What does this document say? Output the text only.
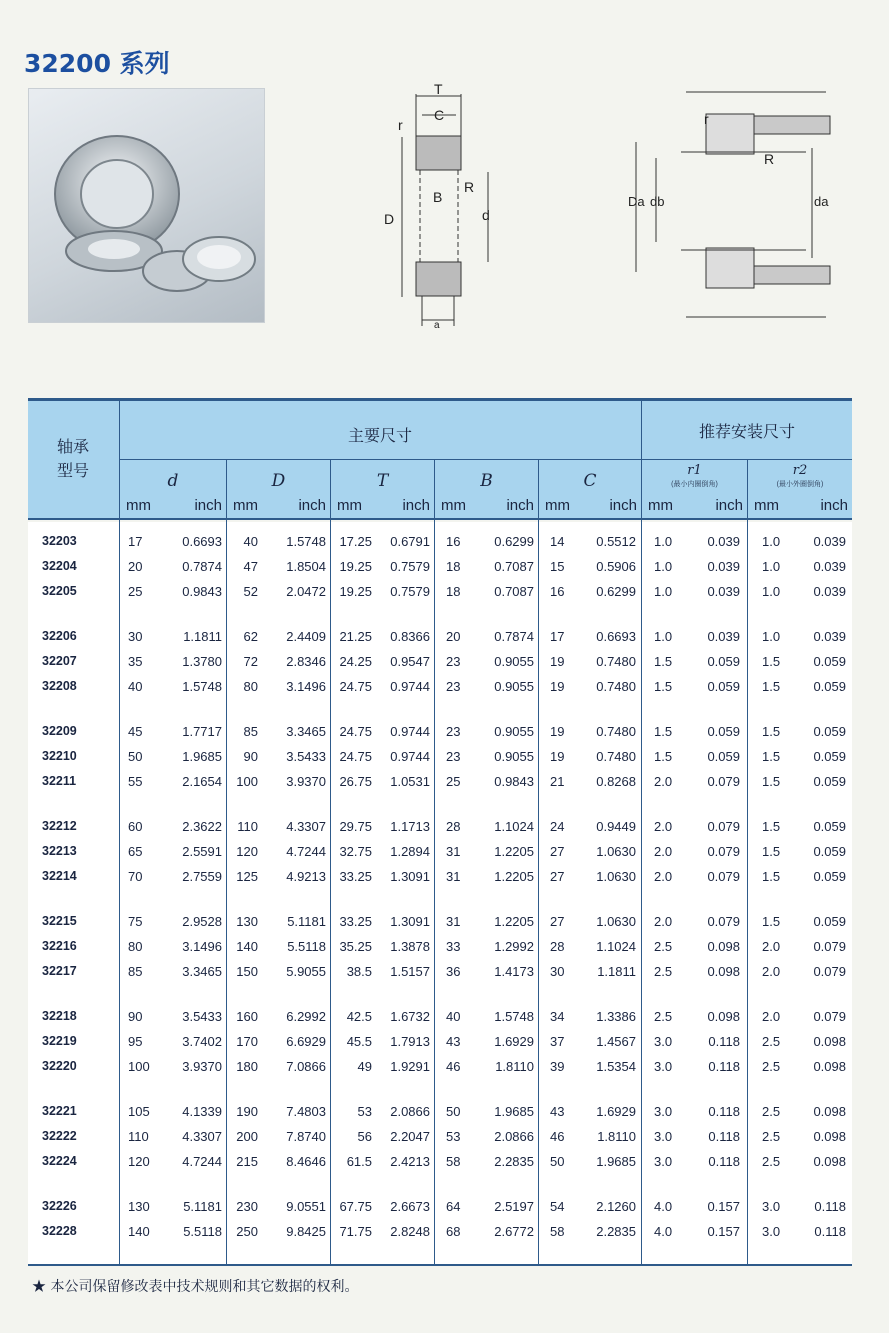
32200 系列
T
C
r
B
R
D	d
a
r
R
Da db	da
轴承
型号
主要尺寸	推荐安装尺寸
d	D	T	B	C
r1
(最小内圈倒角)
r2
(最小外圈倒角)
mm	inch mm	inch mm	inch mm	inch mm	inch mm	inch mm	inch
32203	17	0.6693	40	1.5748	17.25	0.6791 16	0.6299 14	0.5512 1.0	0.039 1.0	0.039
32204	20	0.7874	47	1.8504	19.25	0.7579 18	0.7087 15	0.5906 1.0	0.039 1.0	0.039
32205	25	0.9843	52	2.0472	19.25	0.7579 18	0.7087 16	0.6299 1.0	0.039 1.0	0.039
32206	30	1.1811	62	2.4409	21.25	0.8366 20	0.7874 17	0.6693 1.0	0.039 1.0	0.039
32207	35	1.3780	72	2.8346	24.25	0.9547 23	0.9055 19	0.7480 1.5	0.059 1.5	0.059
32208	40	1.5748	80	3.1496	24.75	0.9744 23	0.9055 19	0.7480 1.5	0.059 1.5	0.059
32209	45	1.7717	85	3.3465	24.75	0.9744 23	0.9055 19	0.7480 1.5	0.059 1.5	0.059
32210	50	1.9685	90	3.5433	24.75	0.9744 23	0.9055 19	0.7480 1.5	0.059 1.5	0.059
32211	55	2.1654	100	3.9370	26.75	1.0531 25	0.9843 21	0.8268 2.0	0.079 1.5	0.059
32212	60	2.3622	110	4.3307	29.75	1.1713 28	1.1024 24	0.9449 2.0	0.079 1.5	0.059
32213	65	2.5591	120	4.7244	32.75	1.2894 31	1.2205 27	1.0630 2.0	0.079 1.5	0.059
32214	70	2.7559	125	4.9213	33.25	1.3091 31	1.2205 27	1.0630 2.0	0.079 1.5	0.059
32215	75	2.9528	130	5.1181	33.25	1.3091 31	1.2205 27	1.0630 2.0	0.079 1.5	0.059
32216	80	3.1496	140	5.5118	35.25	1.3878 33	1.2992 28	1.1024 2.5	0.098 2.0	0.079
32217	85	3.3465	150	5.9055	38.5	1.5157 36	1.4173 30	1.1811 2.5	0.098 2.0	0.079
32218	90	3.5433	160	6.2992	42.5	1.6732 40	1.5748 34	1.3386 2.5	0.098 2.0	0.079
32219	95	3.7402	170	6.6929	45.5	1.7913 43	1.6929 37	1.4567 3.0	0.118 2.5	0.098
32220	100	3.9370	180	7.0866	49	1.9291 46	1.8110 39	1.5354 3.0	0.118 2.5	0.098
32221	105	4.1339	190	7.4803	53	2.0866 50	1.9685 43	1.6929 3.0	0.118 2.5	0.098
32222	110	4.3307	200	7.8740	56	2.2047 53	2.0866 46	1.8110 3.0	0.118 2.5	0.098
32224	120	4.7244	215	8.4646	61.5	2.4213 58	2.2835 50	1.9685 3.0	0.118 2.5	0.098
32226	130	5.1181	230	9.0551	67.75	2.6673 64	2.5197 54	2.1260 4.0	0.157 3.0	0.118
32228	140	5.5118	250	9.8425	71.75	2.8248 68	2.6772 58	2.2835 4.0	0.157 3.0	0.118
★ 本公司保留修改表中技术规则和其它数据的权利。
